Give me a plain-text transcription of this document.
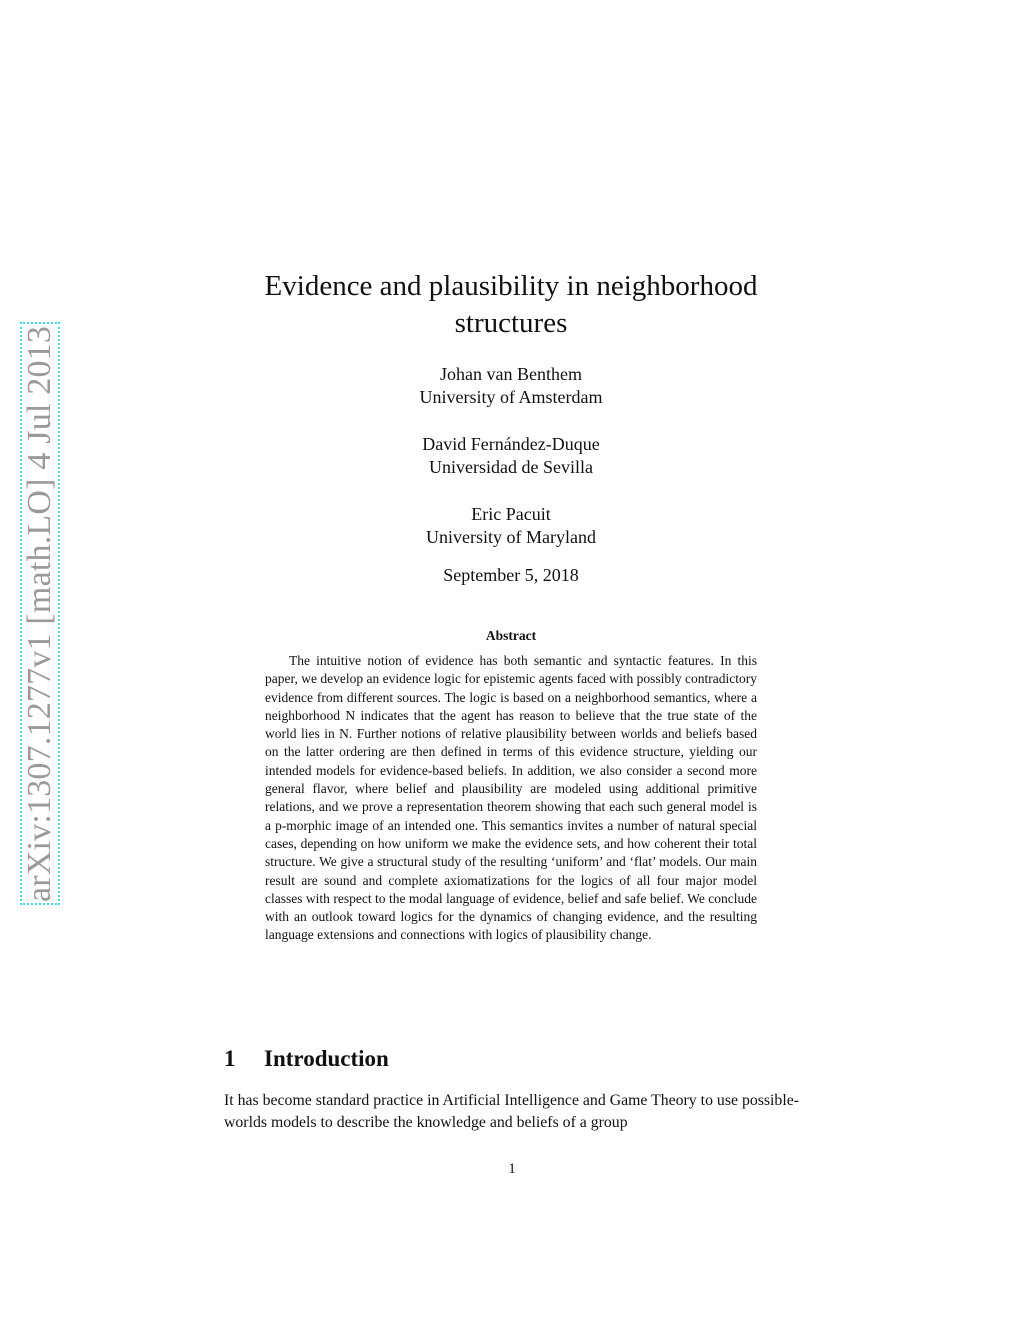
arXiv:1307.1277v1 [math.LO] 4 Jul 2013
Evidence and plausibility in neighborhood structures
Johan van Benthem
University of Amsterdam
David Fernández-Duque
Universidad de Sevilla
Eric Pacuit
University of Maryland
September 5, 2018
Abstract

The intuitive notion of evidence has both semantic and syntactic features. In this paper, we develop an evidence logic for epistemic agents faced with possibly contradictory evidence from different sources. The logic is based on a neighborhood semantics, where a neighborhood N indicates that the agent has reason to believe that the true state of the world lies in N. Further notions of relative plausibility between worlds and beliefs based on the latter ordering are then defined in terms of this evidence structure, yielding our intended models for evidence-based beliefs. In addition, we also consider a second more general flavor, where belief and plausibility are modeled using additional primitive relations, and we prove a representation theorem showing that each such general model is a p-morphic image of an intended one. This semantics invites a number of natural special cases, depending on how uniform we make the evidence sets, and how coherent their total structure. We give a structural study of the resulting ‘uniform’ and ‘flat’ models. Our main result are sound and complete axiomatizations for the logics of all four major model classes with respect to the modal language of evidence, belief and safe belief. We conclude with an outlook toward logics for the dynamics of changing evidence, and the resulting language extensions and connections with logics of plausibility change.

1 Introduction

It has become standard practice in Artificial Intelligence and Game Theory to use possible-worlds models to describe the knowledge and beliefs of a group

1
